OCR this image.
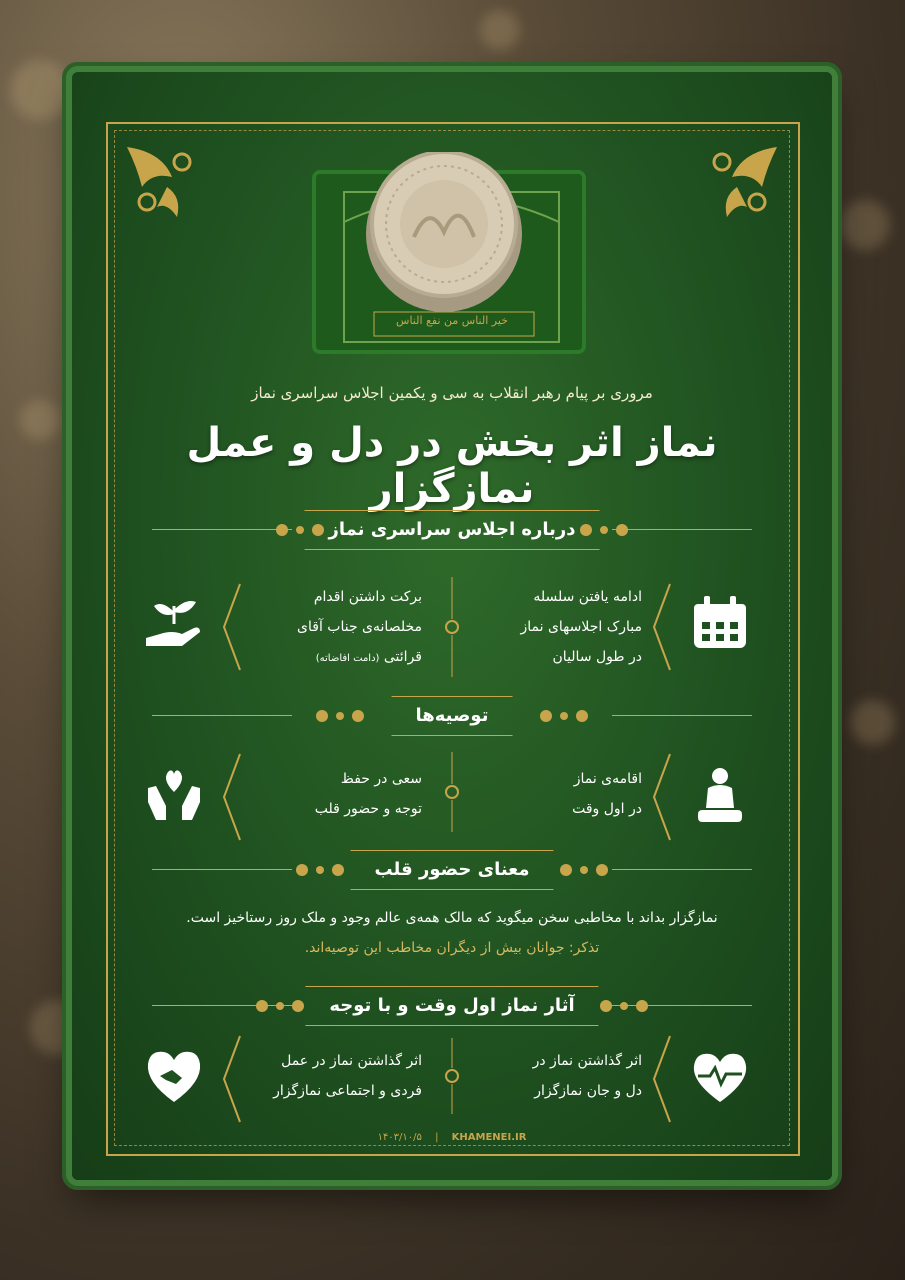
خیر الناس من نفع الناس
مروری بر پیام رهبر انقلاب به سی و یکمین اجلاس سراسری نماز
نماز اثر بخش در دل و عمل نمازگزار
درباره اجلاس سراسری نماز
ادامه یافتن سلسله
مبارک اجلاسهای نماز
در طول سالیان
برکت داشتن اقدام
مخلصانه‌ی جناب آقای
قرائتی (دامت افاضاته)
توصیه‌ها
اقامه‌ی نماز
در اول وقت
سعی در حفظ
توجه و حضور قلب
معنای حضور قلب
نمازگزار بداند با مخاطبی سخن میگوید که مالک همه‌ی عالم وجود و ملک روز رستاخیز است.
تذکر: جوانان بیش از دیگران مخاطب این توصیه‌اند.
آثار نماز اول وقت و با توجه
اثر گذاشتن نماز در
دل و جان نمازگزار
اثر گذاشتن نماز در عمل
فردی و اجتماعی نمازگزار
۱۴۰۳/۱۰/۵ | KHAMENEI.IR
